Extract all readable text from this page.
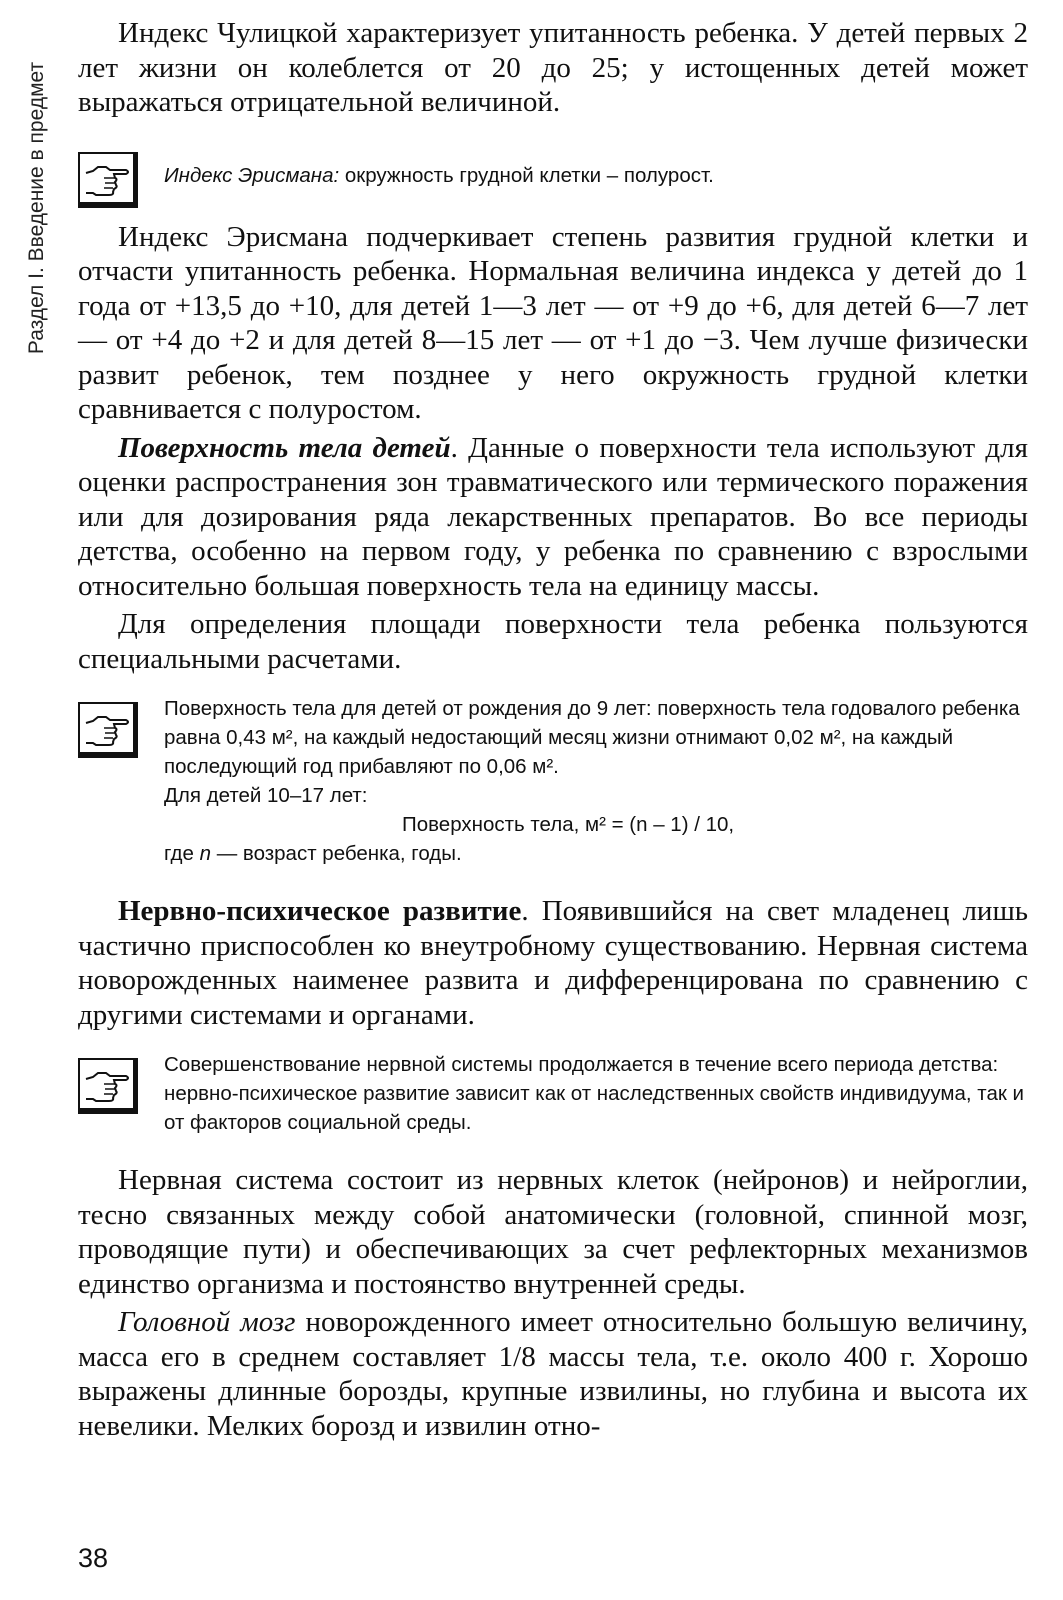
Раздел I. Введение в предмет

Индекс Чулицкой характеризует упитанность ребенка. У детей первых 2 лет жизни он колеблется от 20 до 25; у истощенных детей может выражаться отрицательной величиной.

Индекс Эрисмана: окружность грудной клетки – полурост.

Индекс Эрисмана подчеркивает степень развития грудной клетки и отчасти упитанность ребенка. Нормальная величина индекса у детей до 1 года от +13,5 до +10, для детей 1—3 лет — от +9 до +6, для детей 6—7 лет — от +4 до +2 и для детей 8—15 лет — от +1 до −3. Чем лучше физически развит ребенок, тем позднее у него окружность грудной клетки сравнивается с полуростом.

Поверхность тела детей. Данные о поверхности тела используют для оценки распространения зон травматического или термического поражения или для дозирования ряда лекарственных препаратов. Во все периоды детства, особенно на первом году, у ребенка по сравнению с взрослыми относительно большая поверхность тела на единицу массы.

Для определения площади поверхности тела ребенка пользуются специальными расчетами.

Поверхность тела для детей от рождения до 9 лет: поверхность тела годовалого ребенка равна 0,43 м², на каждый недостающий месяц жизни отнимают 0,02 м², на каждый последующий год прибавляют по 0,06 м².

Для детей 10–17 лет:

Поверхность тела, м² = (n – 1) / 10,

где n — возраст ребенка, годы.

Нервно-психическое развитие. Появившийся на свет младенец лишь частично приспособлен ко внеутробному существованию. Нервная система новорожденных наименее развита и дифференцирована по сравнению с другими системами и органами.

Совершенствование нервной системы продолжается в течение всего периода детства: нервно-психическое развитие зависит как от наследственных свойств индивидуума, так и от факторов социальной среды.

Нервная система состоит из нервных клеток (нейронов) и нейроглии, тесно связанных между собой анатомически (головной, спинной мозг, проводящие пути) и обеспечивающих за счет рефлекторных механизмов единство организма и постоянство внутренней среды.

Головной мозг новорожденного имеет относительно большую величину, масса его в среднем составляет 1/8 массы тела, т.е. около 400 г. Хорошо выражены длинные борозды, крупные извилины, но глубина и высота их невелики. Мелких борозд и извилин отно-

38
